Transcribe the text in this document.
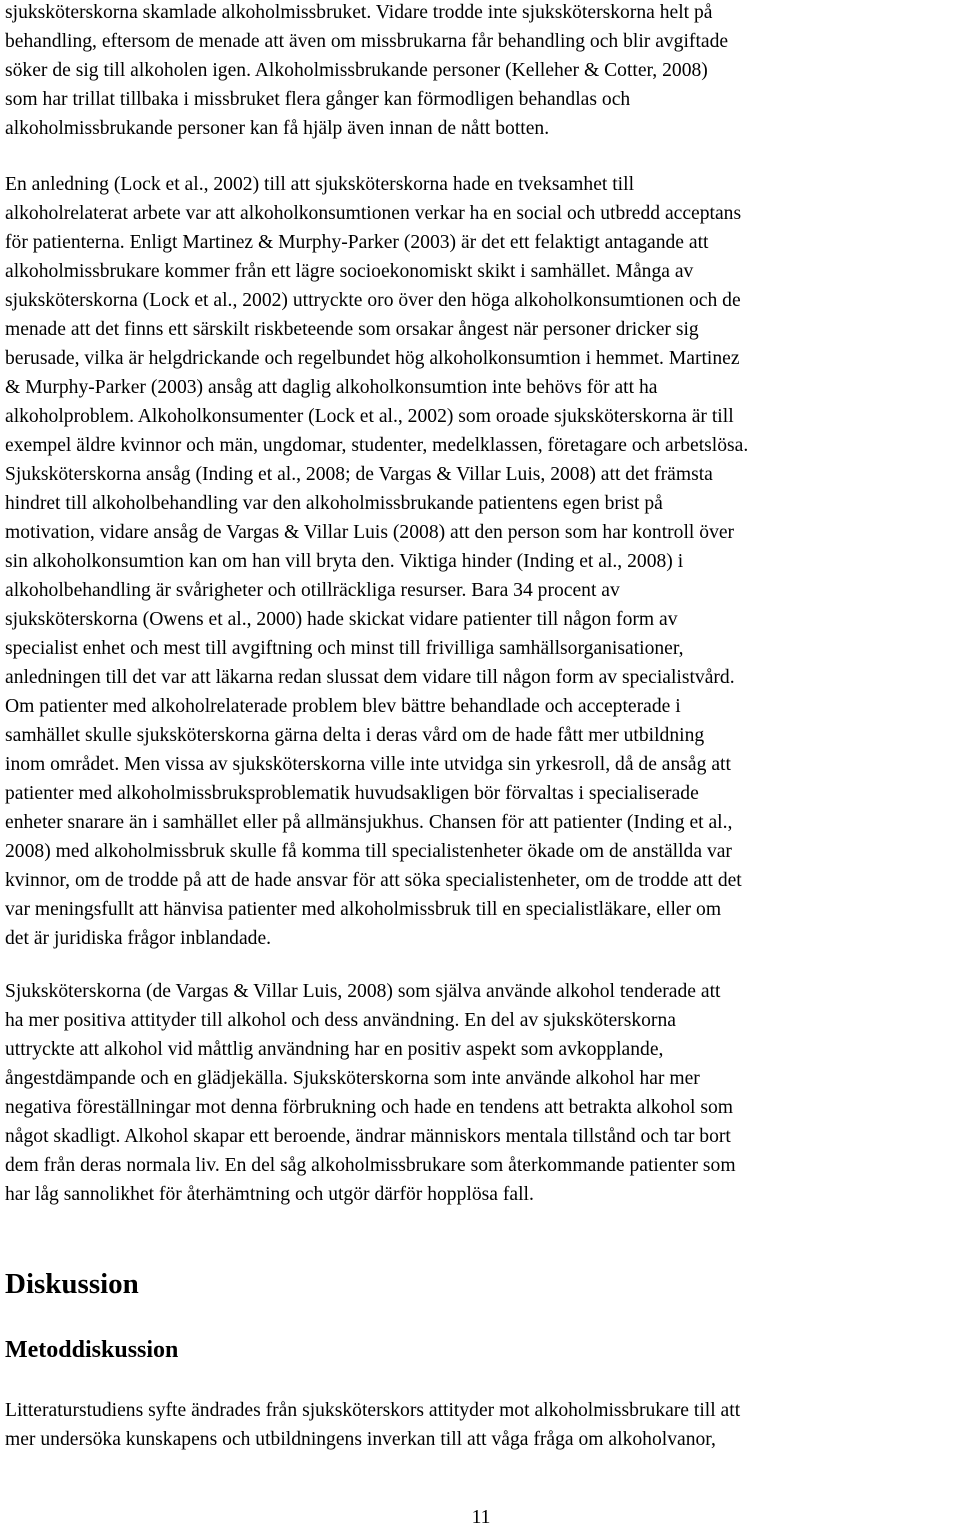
sjuksköterskorna skamlade alkoholmissbruket. Vidare trodde inte sjuksköterskorna helt på
behandling, eftersom de menade att även om missbrukarna får behandling och blir avgiftade
söker de sig till alkoholen igen. Alkoholmissbrukande personer (Kelleher & Cotter, 2008)
som har trillat tillbaka i missbruket flera gånger kan förmodligen behandlas och
alkoholmissbrukande personer kan få hjälp även innan de nått botten.

En anledning (Lock et al., 2002) till att sjuksköterskorna hade en tveksamhet till
alkoholrelaterat arbete var att alkoholkonsumtionen verkar ha en social och utbredd acceptans
för patienterna. Enligt Martinez & Murphy-Parker (2003) är det ett felaktigt antagande att
alkoholmissbrukare kommer från ett lägre socioekonomiskt skikt i samhället. Många av
sjuksköterskorna (Lock et al., 2002) uttryckte oro över den höga alkoholkonsumtionen och de
menade att det finns ett särskilt riskbeteende som orsakar ångest när personer dricker sig
berusade, vilka är helgdrickande och regelbundet hög alkoholkonsumtion i hemmet. Martinez
& Murphy-Parker (2003) ansåg att daglig alkoholkonsumtion inte behövs för att ha
alkoholproblem. Alkoholkonsumenter (Lock et al., 2002) som oroade sjuksköterskorna är till
exempel äldre kvinnor och män, ungdomar, studenter, medelklassen, företagare och arbetslösa.
Sjuksköterskorna ansåg (Inding et al., 2008; de Vargas & Villar Luis, 2008) att det främsta
hindret till alkoholbehandling var den alkoholmissbrukande patientens egen brist på
motivation, vidare ansåg de Vargas & Villar Luis (2008) att den person som har kontroll över
sin alkoholkonsumtion kan om han vill bryta den. Viktiga hinder (Inding et al., 2008) i
alkoholbehandling är svårigheter och otillräckliga resurser. Bara 34 procent av
sjuksköterskorna (Owens et al., 2000) hade skickat vidare patienter till någon form av
specialist enhet och mest till avgiftning och minst till frivilliga samhällsorganisationer,
anledningen till det var att läkarna redan slussat dem vidare till någon form av specialistvård.
Om patienter med alkoholrelaterade problem blev bättre behandlade och accepterade i
samhället skulle sjuksköterskorna gärna delta i deras vård om de hade fått mer utbildning
inom området. Men vissa av sjuksköterskorna ville inte utvidga sin yrkesroll, då de ansåg att
patienter med alkoholmissbruksproblematik huvudsakligen bör förvaltas i specialiserade
enheter snarare än i samhället eller på allmänsjukhus. Chansen för att patienter (Inding et al.,
2008) med alkoholmissbruk skulle få komma till specialistenheter ökade om de anställda var
kvinnor, om de trodde på att de hade ansvar för att söka specialistenheter, om de trodde att det
var meningsfullt att hänvisa patienter med alkoholmissbruk till en specialistläkare, eller om
det är juridiska frågor inblandade.

Sjuksköterskorna (de Vargas & Villar Luis, 2008) som själva använde alkohol tenderade att
ha mer positiva attityder till alkohol och dess användning. En del av sjuksköterskorna
uttryckte att alkohol vid måttlig användning har en positiv aspekt som avkopplande,
ångestdämpande och en glädjekälla. Sjuksköterskorna som inte använde alkohol har mer
negativa föreställningar mot denna förbrukning och hade en tendens att betrakta alkohol som
något skadligt. Alkohol skapar ett beroende, ändrar människors mentala tillstånd och tar bort
dem från deras normala liv. En del såg alkoholmissbrukare som återkommande patienter som
har låg sannolikhet för återhämtning och utgör därför hopplösa fall.

Diskussion
Metoddiskussion

Litteraturstudiens syfte ändrades från sjuksköterskors attityder mot alkoholmissbrukare till att
mer undersöka kunskapens och utbildningens inverkan till att våga fråga om alkoholvanor,

11
